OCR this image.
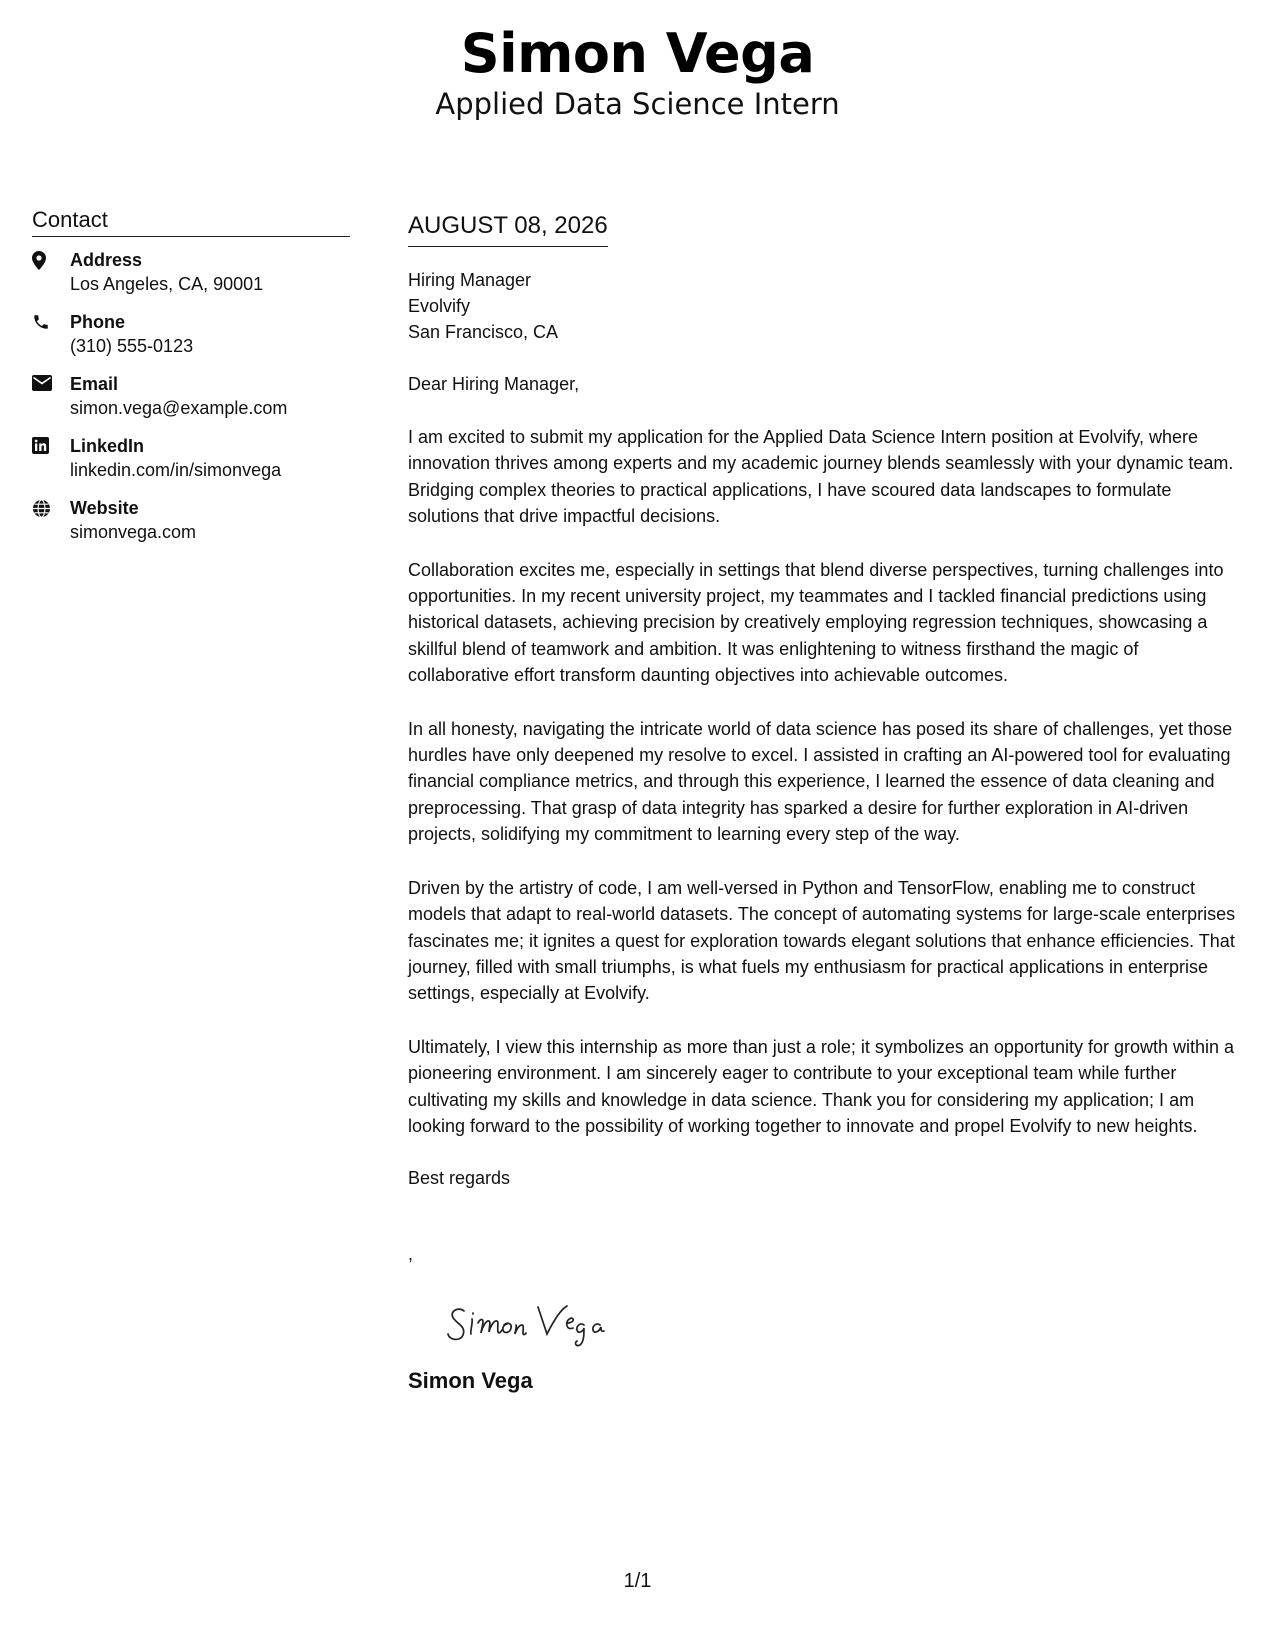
Simon Vega
Applied Data Science Intern
Contact
Address
Los Angeles, CA, 90001
Phone
(310) 555-0123
Email
simon.vega@example.com
LinkedIn
linkedin.com/in/simonvega
Website
simonvega.com
AUGUST 08, 2026
Hiring Manager
Evolvify
San Francisco, CA
Dear Hiring Manager,
I am excited to submit my application for the Applied Data Science Intern position at Evolvify, where innovation thrives among experts and my academic journey blends seamlessly with your dynamic team. Bridging complex theories to practical applications, I have scoured data landscapes to formulate solutions that drive impactful decisions.
Collaboration excites me, especially in settings that blend diverse perspectives, turning challenges into opportunities. In my recent university project, my teammates and I tackled financial predictions using historical datasets, achieving precision by creatively employing regression techniques, showcasing a skillful blend of teamwork and ambition. It was enlightening to witness firsthand the magic of collaborative effort transform daunting objectives into achievable outcomes.
In all honesty, navigating the intricate world of data science has posed its share of challenges, yet those hurdles have only deepened my resolve to excel. I assisted in crafting an AI-powered tool for evaluating financial compliance metrics, and through this experience, I learned the essence of data cleaning and preprocessing. That grasp of data integrity has sparked a desire for further exploration in AI-driven projects, solidifying my commitment to learning every step of the way.
Driven by the artistry of code, I am well-versed in Python and TensorFlow, enabling me to construct models that adapt to real-world datasets. The concept of automating systems for large-scale enterprises fascinates me; it ignites a quest for exploration towards elegant solutions that enhance efficiencies. That journey, filled with small triumphs, is what fuels my enthusiasm for practical applications in enterprise settings, especially at Evolvify.
Ultimately, I view this internship as more than just a role; it symbolizes an opportunity for growth within a pioneering environment. I am sincerely eager to contribute to your exceptional team while further cultivating my skills and knowledge in data science. Thank you for considering my application; I am looking forward to the possibility of working together to innovate and propel Evolvify to new heights.
Best regards
,
Simon Vega
1/1
